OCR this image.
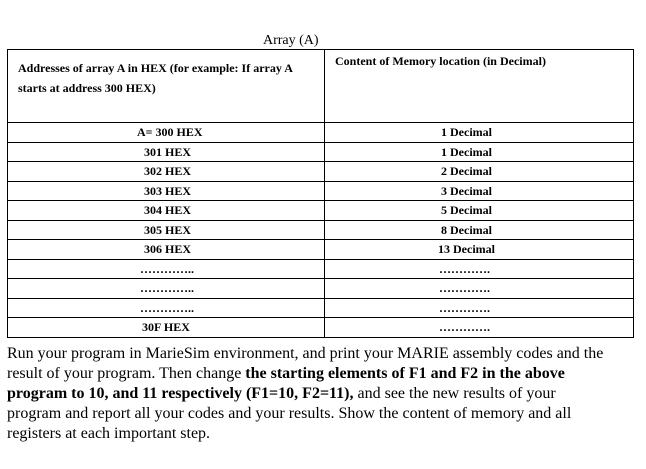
Array (A)
Addresses of array A in HEX (for example: If array A starts at address 300 HEX)	Content of Memory location (in Decimal)
A= 300 HEX	1 Decimal
301 HEX	1 Decimal
302 HEX	2 Decimal
303 HEX	3 Decimal
304 HEX	5 Decimal
305 HEX	8 Decimal
306 HEX	13 Decimal
…………..	………….
…………..	………….
…………..	………….
30F HEX	………….
Run your program in MarieSim environment, and print your MARIE assembly codes and the result of your program. Then change the starting elements of F1 and F2 in the above program to 10, and 11 respectively (F1=10, F2=11), and see the new results of your program and report all your codes and your results. Show the content of memory and all registers at each important step.
